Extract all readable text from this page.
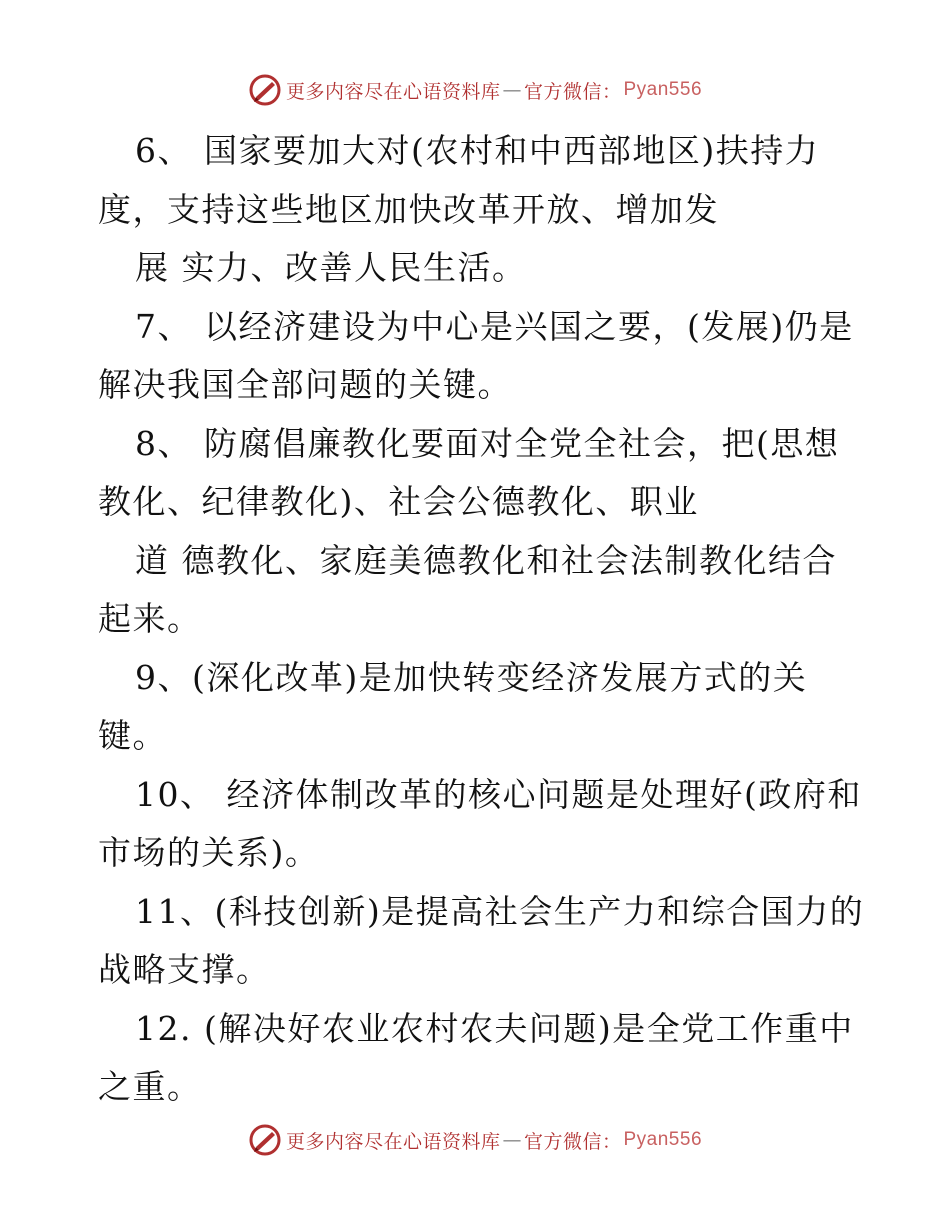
更多内容尽在心语资料库 — 官方微信： Pyan556
6、 国家要加大对(农村和中西部地区)扶持力
度，支持这些地区加快改革开放、增加发
展 实力、改善人民生活。
7、 以经济建设为中心是兴国之要，(发展)仍是
解决我国全部问题的关键。
8、 防腐倡廉教化要面对全党全社会，把(思想
教化、纪律教化)、社会公德教化、职业
道 德教化、家庭美德教化和社会法制教化结合
起来。
9、(深化改革)是加快转变经济发展方式的关
键。
10、 经济体制改革的核心问题是处理好(政府和
市场的关系)。
11、(科技创新)是提高社会生产力和综合国力的
战略支撑。
12. (解决好农业农村农夫问题)是全党工作重中
之重。
更多内容尽在心语资料库 — 官方微信： Pyan556
